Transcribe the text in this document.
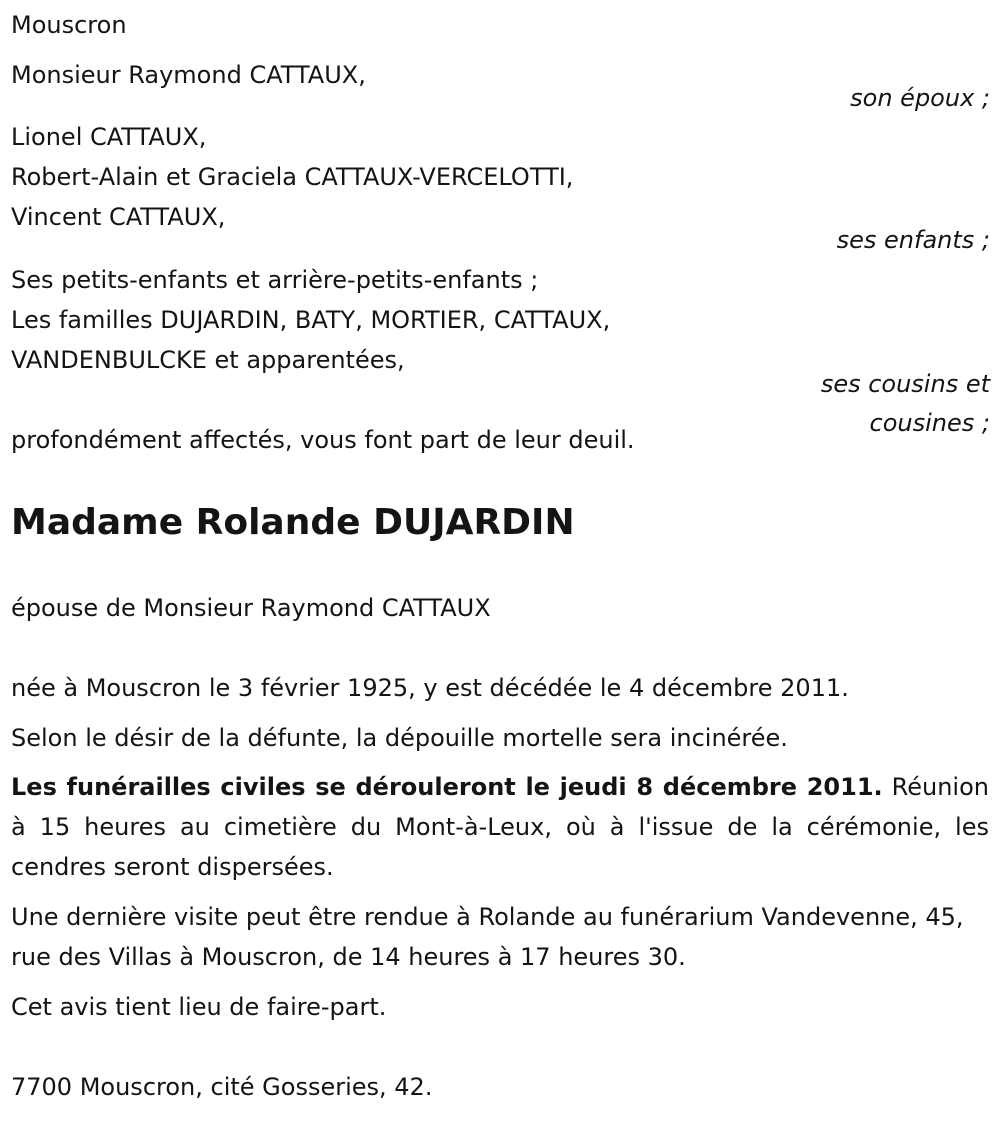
Mouscron
Monsieur Raymond CATTAUX,
son époux ;
Lionel CATTAUX,
Robert-Alain et Graciela CATTAUX-VERCELOTTI,
Vincent CATTAUX,
ses enfants ;
Ses petits-enfants et arrière-petits-enfants ;
Les familles DUJARDIN, BATY, MORTIER, CATTAUX,
VANDENBULCKE et apparentées,
ses cousins et
cousines ;
profondément affectés, vous font part de leur deuil.
Madame Rolande DUJARDIN
épouse de Monsieur Raymond CATTAUX
née à Mouscron le 3 février 1925, y est décédée le 4 décembre 2011.
Selon le désir de la défunte, la dépouille mortelle sera incinérée.
Les funérailles civiles se dérouleront le jeudi 8 décembre 2011. Réunion à 15 heures au cimetière du Mont-à-Leux, où à l'issue de la cérémonie, les cendres seront dispersées.
Une dernière visite peut être rendue à Rolande au funérarium Vandevenne, 45, rue des Villas à Mouscron, de 14 heures à 17 heures 30.
Cet avis tient lieu de faire-part.
7700 Mouscron, cité Gosseries, 42.
